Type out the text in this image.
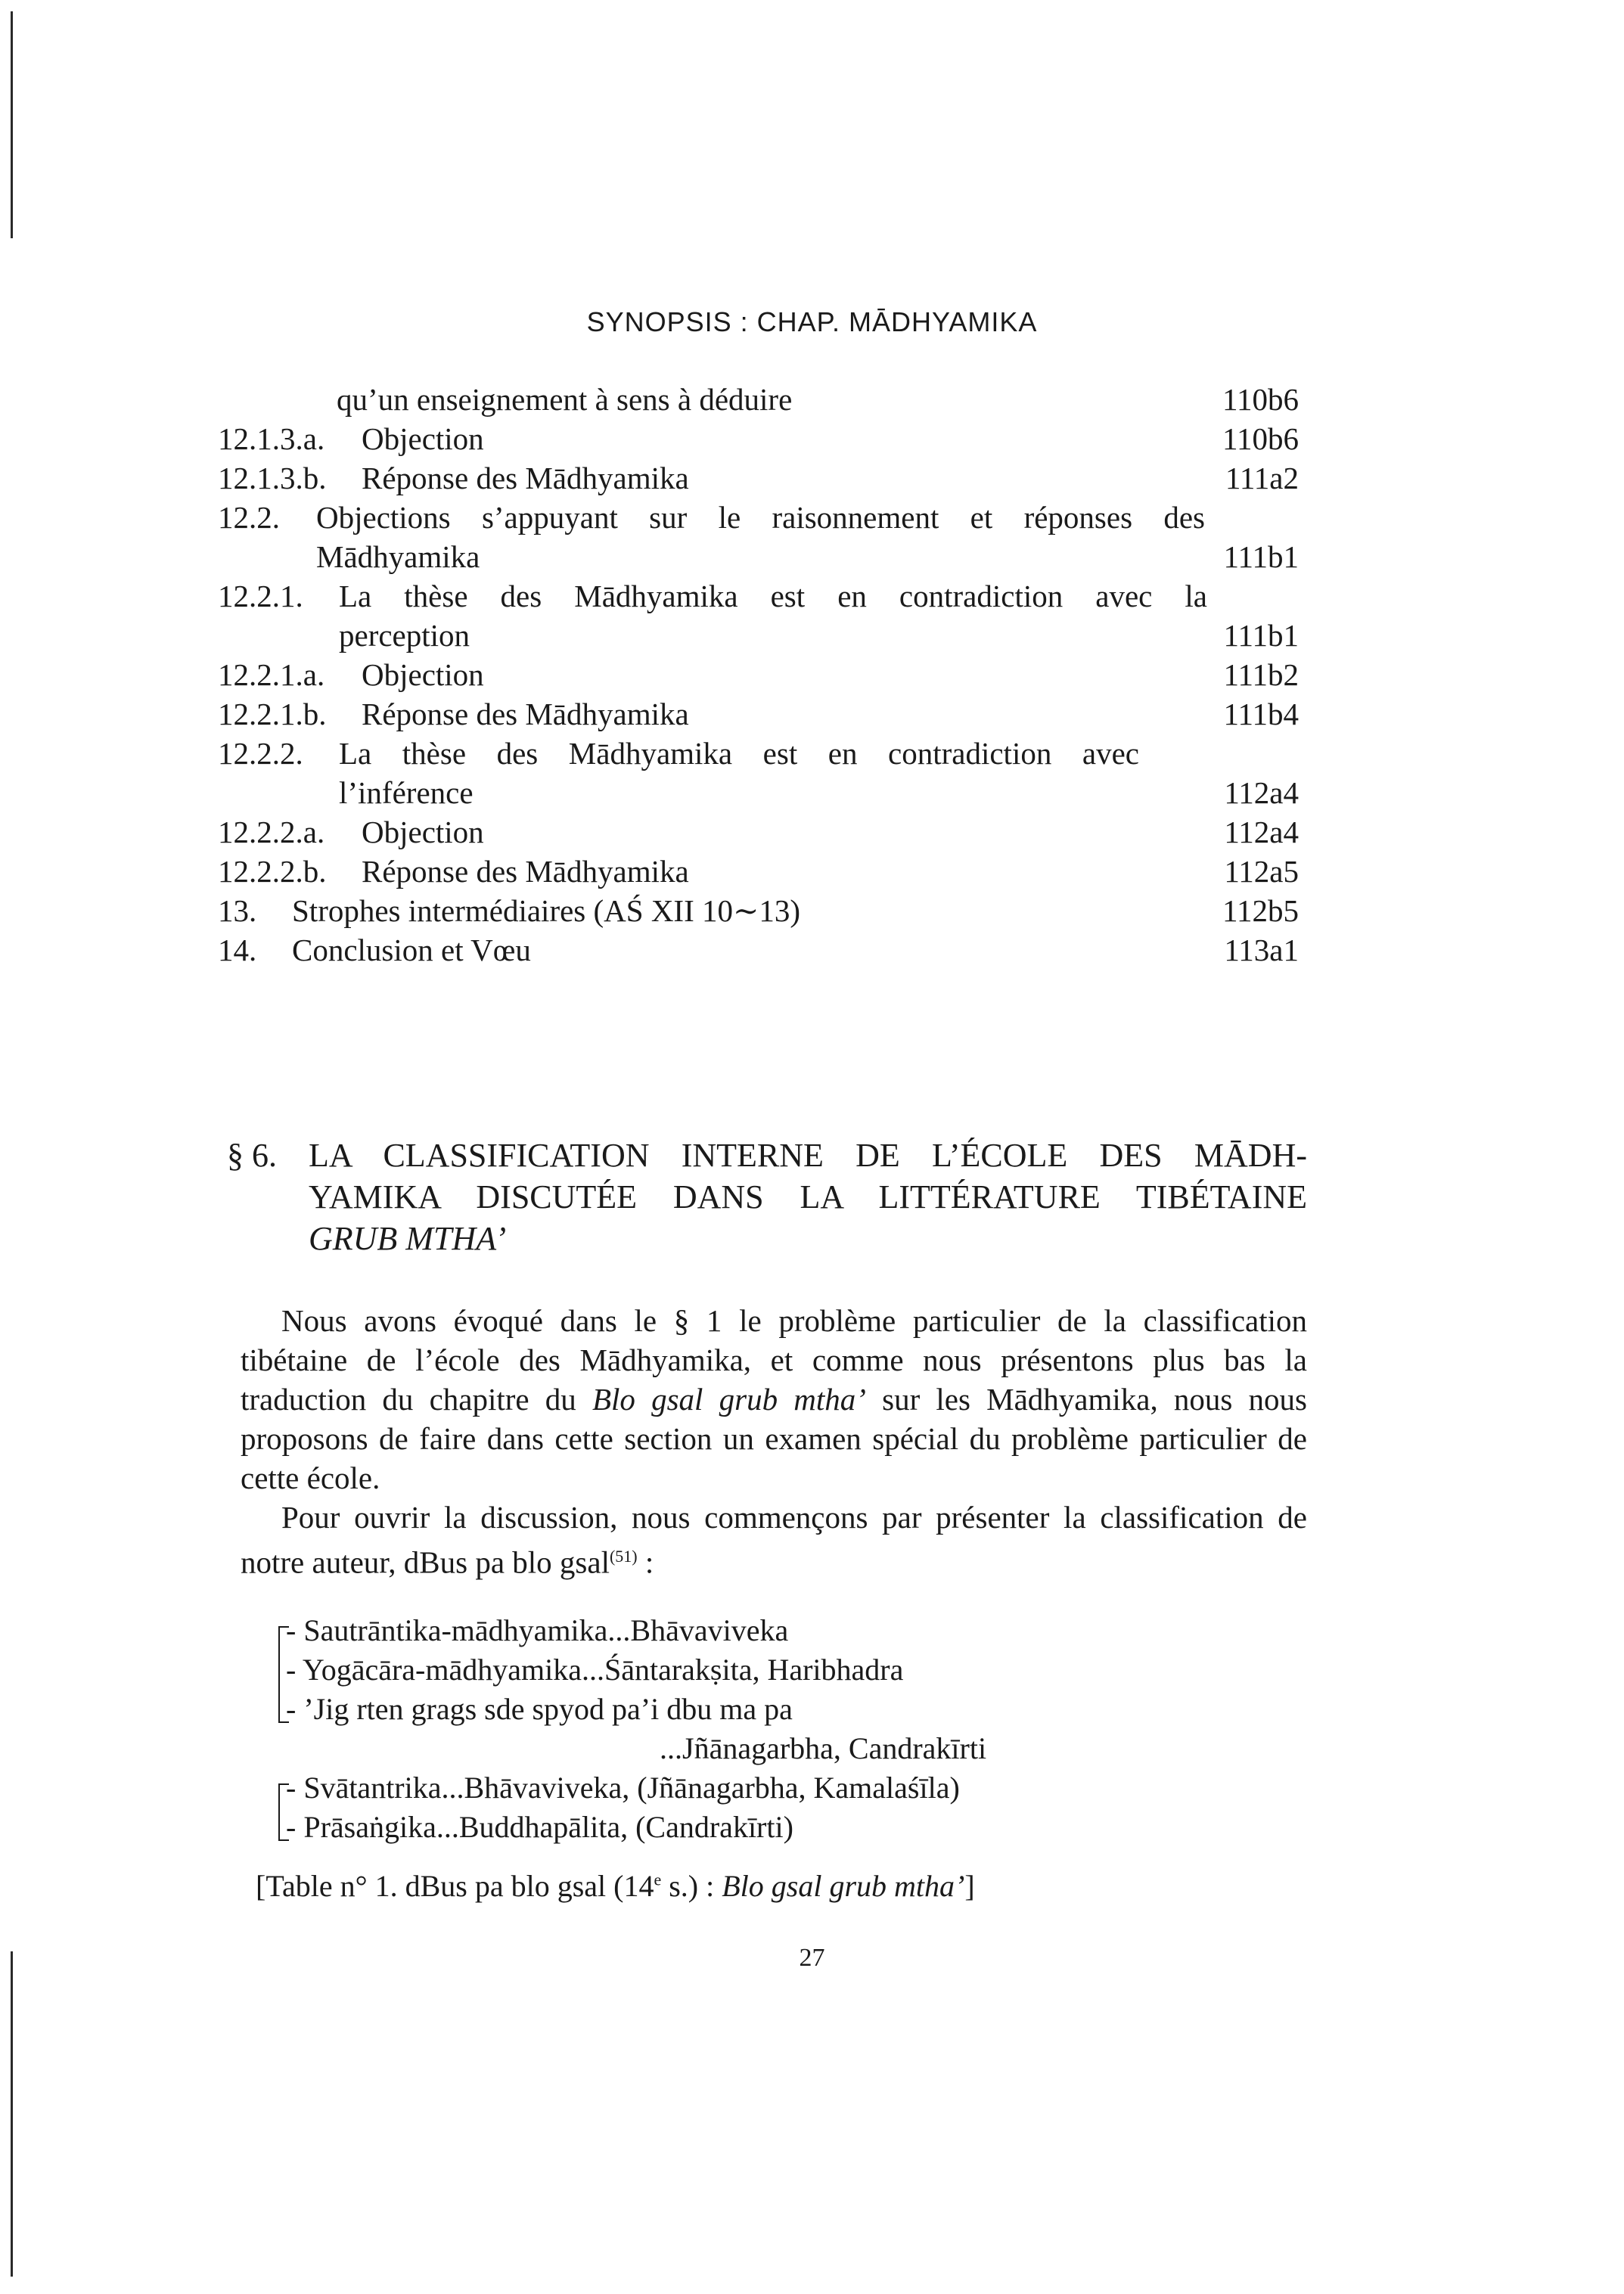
SYNOPSIS : CHAP. MĀDHYAMIKA
qu’un enseignement à sens à déduire	110b6
12.1.3.a. Objection	110b6
12.1.3.b. Réponse des Mādhyamika	111a2
12.2. Objections s’appuyant sur le raisonnement et réponses des
Mādhyamika	111b1
12.2.1. La thèse des Mādhyamika est en contradiction avec la
perception	111b1
12.2.1.a. Objection	111b2
12.2.1.b. Réponse des Mādhyamika	111b4
12.2.2. La thèse des Mādhyamika est en contradiction avec
l’inférence	112a4
12.2.2.a. Objection	112a4
12.2.2.b. Réponse des Mādhyamika	112a5
13. Strophes intermédiaires (AŚ XII 10∼13)	112b5
14. Conclusion et Vœu	113a1
§ 6. LA CLASSIFICATION INTERNE DE L’ÉCOLE DES MĀDH-
YAMIKA DISCUTÉE DANS LA LITTÉRATURE TIBÉTAINE
GRUB MTHA’

Nous avons évoqué dans le § 1 le problème particulier de la classification tibétaine de l’école des Mādhyamika, et comme nous présentons plus bas la traduction du chapitre du Blo gsal grub mtha’ sur les Mādhyamika, nous nous proposons de faire dans cette section un examen spécial du problème particulier de cette école.

Pour ouvrir la discussion, nous commençons par présenter la classification de notre auteur, dBus pa blo gsal$^{(51)}$ :

- Sautrāntika-mādhyamika...Bhāvaviveka
- Yogācāra-mādhyamika...Śāntarakṣita, Haribhadra
- ’Jig rten grags sde spyod pa’i dbu ma pa
...Jñānagarbha, Candrakīrti
- Svātantrika...Bhāvaviveka, (Jñānagarbha, Kamalaśīla)
- Prāsaṅgika...Buddhapālita, (Candrakīrti)
[Table n° 1. dBus pa blo gsal (14e s.) : Blo gsal grub mtha’]
27
